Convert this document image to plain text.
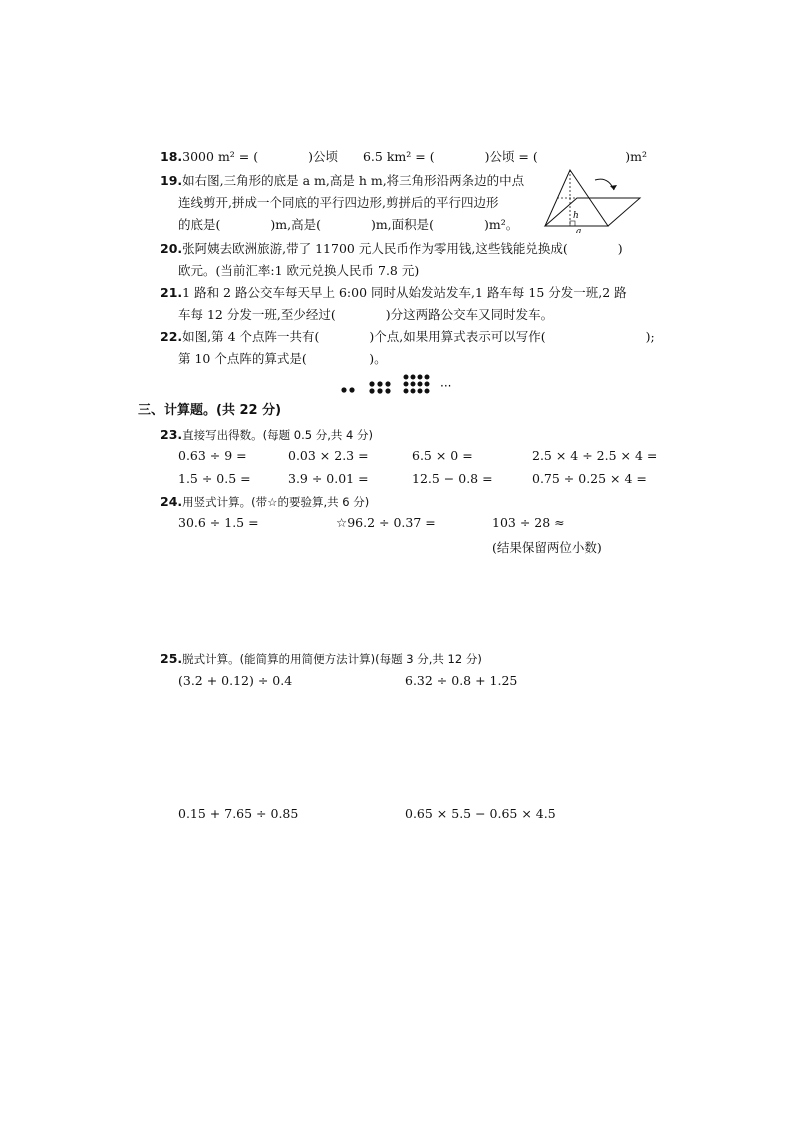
18.3000 m² = (　　　　)公顷　　6.5 km² = (　　　　)公顷 = (　　　　　　　)m²
19.如右图,三角形的底是 a m,高是 h m,将三角形沿两条边的中点
连线剪开,拼成一个同底的平行四边形,剪拼后的平行四边形
的底是(　　　　)m,高是(　　　　)m,面积是(　　　　)m²。
h
a
20.张阿姨去欧洲旅游,带了 11700 元人民币作为零用钱,这些钱能兑换成(　　　　)
欧元。(当前汇率:1 欧元兑换人民币 7.8 元)
21.1 路和 2 路公交车每天早上 6:00 同时从始发站发车,1 路车每 15 分发一班,2 路
车每 12 分发一班,至少经过(　　　　)分这两路公交车又同时发车。
22.如图,第 4 个点阵一共有(　　　　)个点,如果用算式表示可以写作(　　　　　　　　);
第 10 个点阵的算式是(　　　　　)。
···
三、计算题。(共 22 分)
23.直接写出得数。(每题 0.5 分,共 4 分)
0.63 ÷ 9 =	0.03 × 2.3 =	6.5 × 0 =	2.5 × 4 ÷ 2.5 × 4 =
1.5 ÷ 0.5 =	3.9 ÷ 0.01 =	12.5 − 0.8 =	0.75 ÷ 0.25 × 4 =
24.用竖式计算。(带☆的要验算,共 6 分)
30.6 ÷ 1.5 =	☆96.2 ÷ 0.37 =	103 ÷ 28 ≈
(结果保留两位小数)
25.脱式计算。(能简算的用简便方法计算)(每题 3 分,共 12 分)
(3.2 + 0.12) ÷ 0.4	6.32 ÷ 0.8 + 1.25
0.15 + 7.65 ÷ 0.85	0.65 × 5.5 − 0.65 × 4.5
